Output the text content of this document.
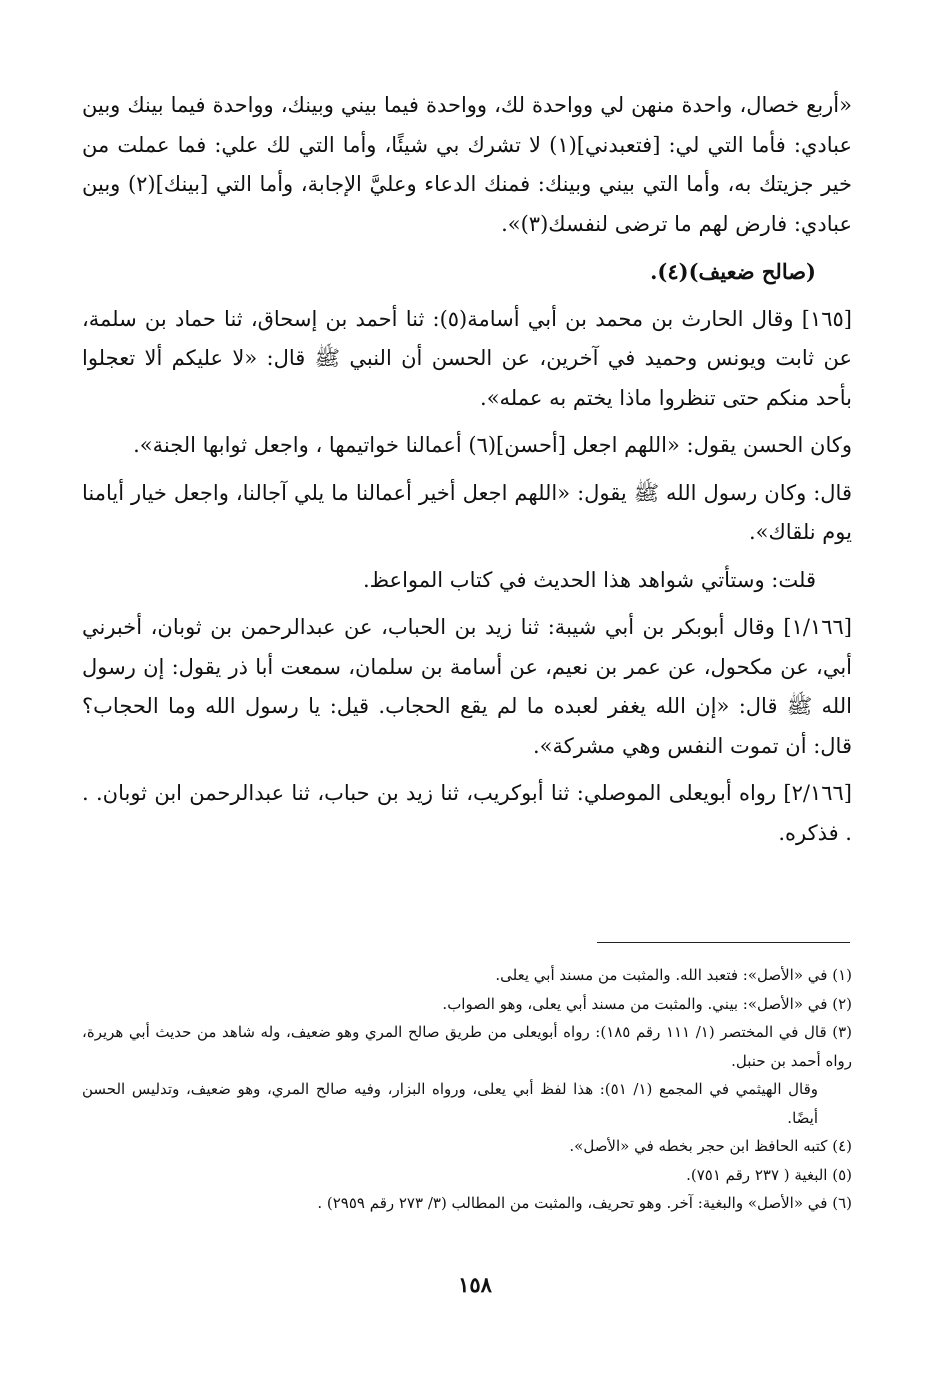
«أربع خصال، واحدة منهن لي وواحدة لك، وواحدة فيما بيني وبينك، وواحدة فيما بينك وبين عبادي: فأما التي لي: [فتعبدني](١) لا تشرك بي شيئًا، وأما التي لك علي: فما عملت من خير جزيتك به، وأما التي بيني وبينك: فمنك الدعاء وعليَّ الإجابة، وأما التي [بينك](٢) وبين عبادي: فارض لهم ما ترضى لنفسك(٣)».

(صالح ضعيف)(٤).

[١٦٥] وقال الحارث بن محمد بن أبي أسامة(٥): ثنا أحمد بن إسحاق، ثنا حماد بن سلمة، عن ثابت ويونس وحميد في آخرين، عن الحسن أن النبي ﷺ قال: «لا عليكم ألا تعجلوا بأحد منكم حتى تنظروا ماذا يختم به عمله».

وكان الحسن يقول: «اللهم اجعل [أحسن](٦) أعمالنا خواتيمها ، واجعل ثوابها الجنة».

قال: وكان رسول الله ﷺ يقول: «اللهم اجعل أخير أعمالنا ما يلي آجالنا، واجعل خيار أيامنا يوم نلقاك».

قلت: وستأتي شواهد هذا الحديث في كتاب المواعظ.

[١/١٦٦] وقال أبوبكر بن أبي شيبة: ثنا زيد بن الحباب، عن عبدالرحمن بن ثوبان، أخبرني أبي، عن مكحول، عن عمر بن نعيم، عن أسامة بن سلمان، سمعت أبا ذر يقول: إن رسول الله ﷺ قال: «إن الله يغفر لعبده ما لم يقع الحجاب. قيل: يا رسول الله وما الحجاب؟ قال: أن تموت النفس وهي مشركة».

[٢/١٦٦] رواه أبويعلى الموصلي: ثنا أبوكريب، ثنا زيد بن حباب، ثنا عبدالرحمن ابن ثوبان. . . فذكره.

(١) في «الأصل»: فتعبد الله. والمثبت من مسند أبي يعلى.

(٢) في «الأصل»: بيني. والمثبت من مسند أبي يعلى، وهو الصواب.

(٣) قال في المختصر (١/ ١١١ رقم ١٨٥): رواه أبويعلى من طريق صالح المري وهو ضعيف، وله شاهد من حديث أبي هريرة، رواه أحمد بن حنبل.

وقال الهيثمي في المجمع (١/ ٥١): هذا لفظ أبي يعلى، ورواه البزار، وفيه صالح المري، وهو ضعيف، وتدليس الحسن أيضًا.

(٤) كتبه الحافظ ابن حجر بخطه في «الأصل».

(٥) البغية ( ٢٣٧ رقم ٧٥١).

(٦) في «الأصل» والبغية: آخر. وهو تحريف، والمثبت من المطالب (٣/ ٢٧٣ رقم ٢٩٥٩) .

١٥٨
